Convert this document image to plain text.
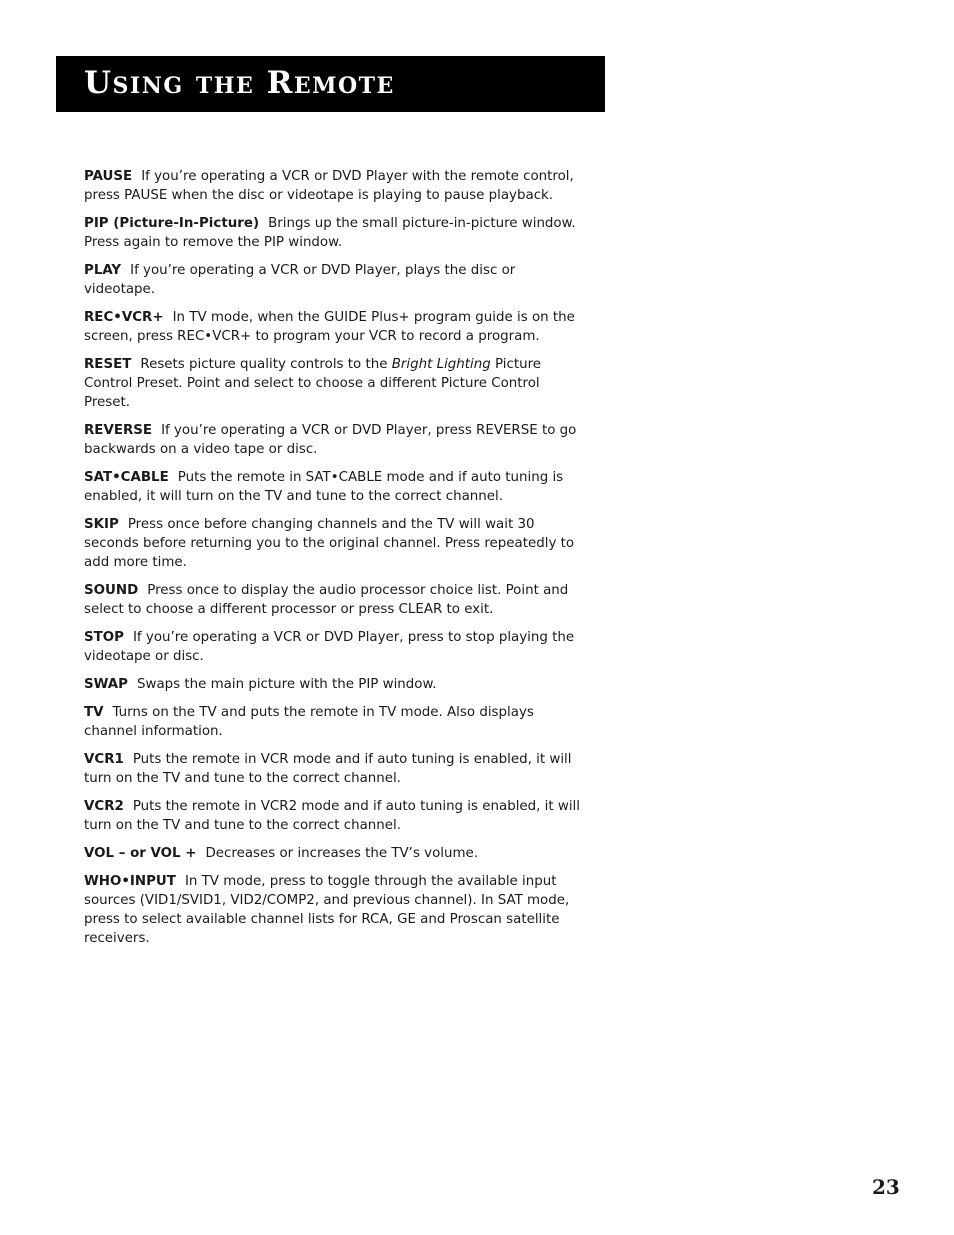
Using the Remote

PAUSE If you’re operating a VCR or DVD Player with the remote control, press PAUSE when the disc or videotape is playing to pause playback.

PIP (Picture-In-Picture) Brings up the small picture-in-picture window. Press again to remove the PIP window.

PLAY If you’re operating a VCR or DVD Player, plays the disc or videotape.

REC•VCR+ In TV mode, when the GUIDE Plus+ program guide is on the screen, press REC•VCR+ to program your VCR to record a program.

RESET Resets picture quality controls to the Bright Lighting Picture Control Preset. Point and select to choose a different Picture Control Preset.

REVERSE If you’re operating a VCR or DVD Player, press REVERSE to go backwards on a video tape or disc.

SAT•CABLE Puts the remote in SAT•CABLE mode and if auto tuning is enabled, it will turn on the TV and tune to the correct channel.

SKIP Press once before changing channels and the TV will wait 30 seconds before returning you to the original channel. Press repeatedly to add more time.

SOUND Press once to display the audio processor choice list. Point and select to choose a different processor or press CLEAR to exit.

STOP If you’re operating a VCR or DVD Player, press to stop playing the videotape or disc.

SWAP Swaps the main picture with the PIP window.

TV Turns on the TV and puts the remote in TV mode. Also displays channel information.

VCR1 Puts the remote in VCR mode and if auto tuning is enabled, it will turn on the TV and tune to the correct channel.

VCR2 Puts the remote in VCR2 mode and if auto tuning is enabled, it will turn on the TV and tune to the correct channel.

VOL – or VOL + Decreases or increases the TV’s volume.

WHO•INPUT In TV mode, press to toggle through the available input sources (VID1/SVID1, VID2/COMP2, and previous channel). In SAT mode, press to select available channel lists for RCA, GE and Proscan satellite receivers.

23
